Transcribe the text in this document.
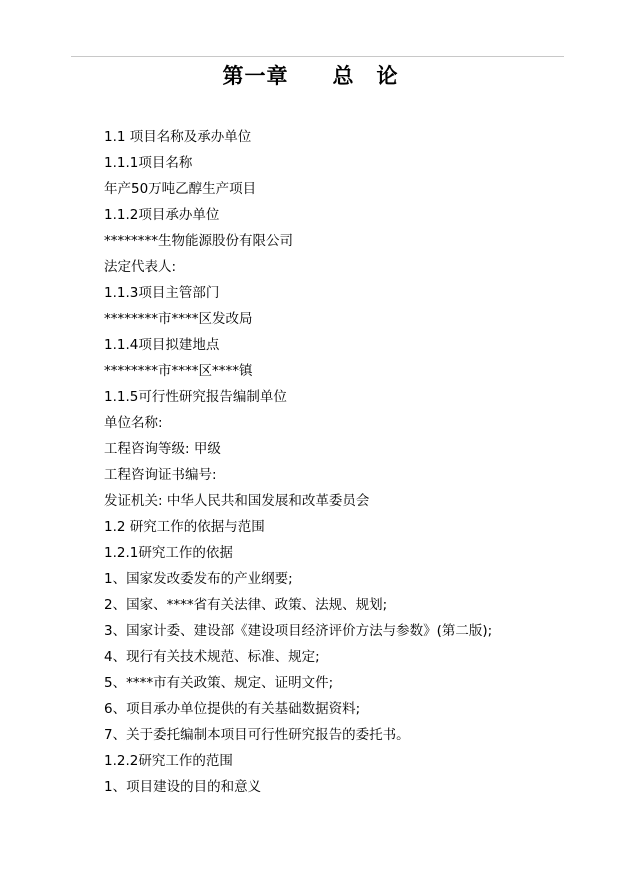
第一章　　总　论
1.1 项目名称及承办单位
1.1.1项目名称
年产50万吨乙醇生产项目
1.1.2项目承办单位
********生物能源股份有限公司
法定代表人:
1.1.3项目主管部门
********市****区发改局
1.1.4项目拟建地点
********市****区****镇
1.1.5可行性研究报告编制单位
单位名称:
工程咨询等级: 甲级
工程咨询证书编号:
发证机关: 中华人民共和国发展和改革委员会
1.2 研究工作的依据与范围
1.2.1研究工作的依据
1、国家发改委发布的产业纲要;
2、国家、****省有关法律、政策、法规、规划;
3、国家计委、建设部《建设项目经济评价方法与参数》(第二版);
4、现行有关技术规范、标准、规定;
5、****市有关政策、规定、证明文件;
6、项目承办单位提供的有关基础数据资料;
7、关于委托编制本项目可行性研究报告的委托书。
1.2.2研究工作的范围
1、项目建设的目的和意义
